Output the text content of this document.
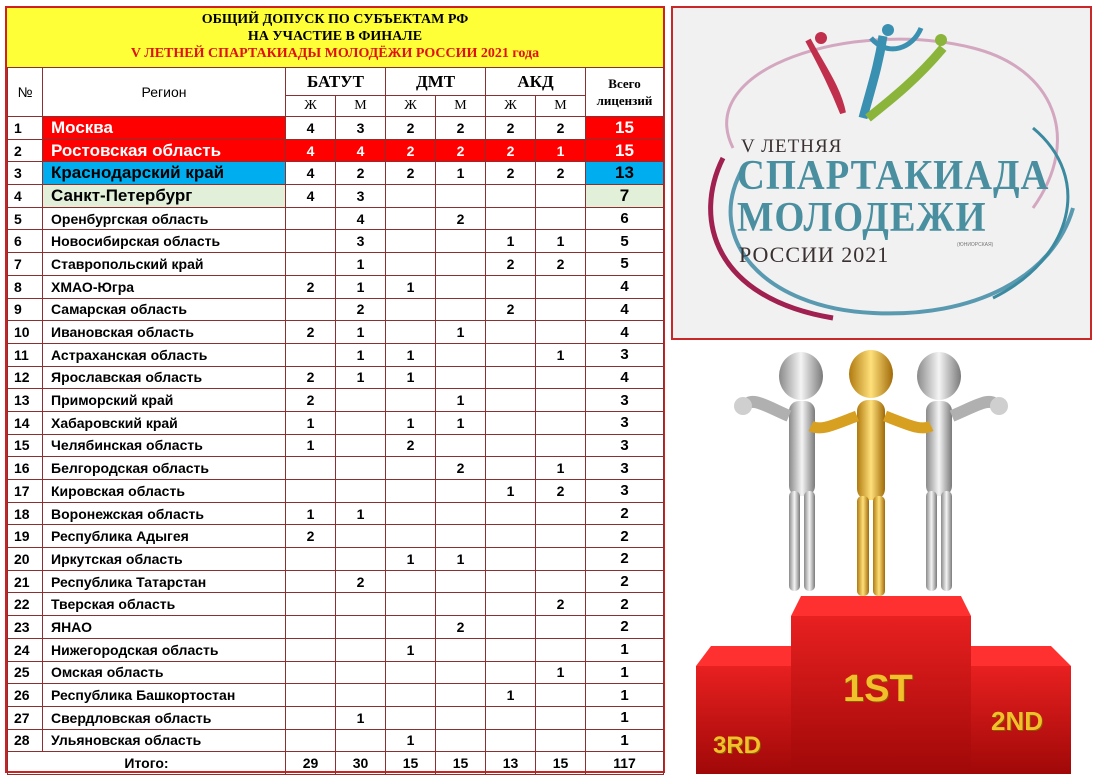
ОБЩИЙ ДОПУСК ПО СУБЪЕКТАМ РФ
НА УЧАСТИЕ В ФИНАЛЕ
V ЛЕТНЕЙ СПАРТАКИАДЫ МОЛОДЁЖИ РОССИИ 2021 года
№	Регион	БАТУТ		ДМТ		АКД		Всего лицензий
		Ж	М	Ж	М	Ж	М	
1	Москва	4	3	2	2	2	2	15
2	Ростовская область	4	4	2	2	2	1	15
3	Краснодарский край	4	2	2	1	2	2	13
4	Санкт-Петербург	4	3					7
5	Оренбургская область		4		2			6
6	Новосибирская область		3			1	1	5
7	Ставропольский край		1			2	2	5
8	ХМАО-Югра	2	1	1				4
9	Самарская область		2			2		4
10	Ивановская область	2	1		1			4
11	Астраханская область		1	1			1	3
12	Ярославская область	2	1	1				4
13	Приморский край	2			1			3
14	Хабаровский край	1		1	1			3
15	Челябинская область	1		2				3
16	Белгородская область				2		1	3
17	Кировская область					1	2	3
18	Воронежская область	1	1					2
19	Республика Адыгея	2						2
20	Иркутская область			1	1			2
21	Республика Татарстан		2					2
22	Тверская область						2	2
23	ЯНАО				2			2
24	Нижегородская область			1				1
25	Омская область						1	1
26	Республика Башкортостан					1		1
27	Свердловская область		1					1
28	Ульяновская область			1				1
Итого:		29	30	15	15	13	15	117
V ЛЕТНЯЯ
СПАРТАКИАДА
МОЛОДЕЖИ
РОССИИ 2021	(ЮНИОРСКАЯ)
1ST
2ND
3RD
